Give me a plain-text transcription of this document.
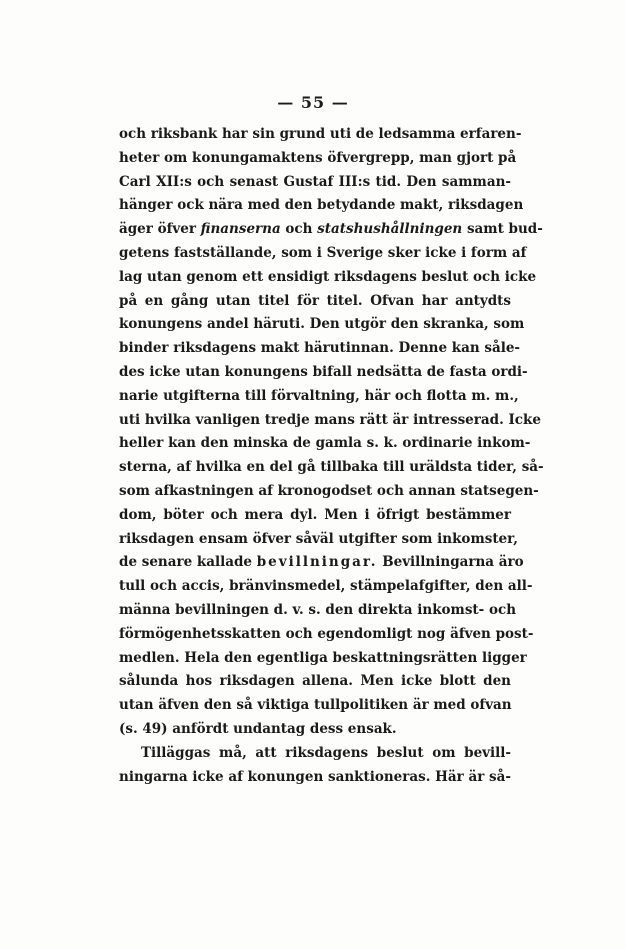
— 55 —
och riksbank har sin grund uti de ledsamma erfaren-
heter om konungamaktens öfvergrepp, man gjort på
Carl XII:s och senast Gustaf III:s tid. Den samman-
hänger ock nära med den betydande makt, riksdagen
äger öfver finanserna och statshushållningen samt bud-
getens fastställande, som i Sverige sker icke i form af
lag utan genom ett ensidigt riksdagens beslut och icke
på en gång utan titel för titel. Ofvan har antydts
konungens andel häruti. Den utgör den skranka, som
binder riksdagens makt härutinnan. Denne kan såle-
des icke utan konungens bifall nedsätta de fasta ordi-
narie utgifterna till förvaltning, här och flotta m. m.,
uti hvilka vanligen tredje mans rätt är intresserad. Icke
heller kan den minska de gamla s. k. ordinarie inkom-
sterna, af hvilka en del gå tillbaka till uräldsta tider, så-
som afkastningen af kronogodset och annan statsegen-
dom, böter och mera dyl. Men i öfrigt bestämmer
riksdagen ensam öfver såväl utgifter som inkomster,
de senare kallade bevillningar. Bevillningarna äro
tull och accis, bränvinsmedel, stämpelafgifter, den all-
männa bevillningen d. v. s. den direkta inkomst- och
förmögenhetsskatten och egendomligt nog äfven post-
medlen. Hela den egentliga beskattningsrätten ligger
sålunda hos riksdagen allena. Men icke blott den
utan äfven den så viktiga tullpolitiken är med ofvan
(s. 49) anfördt undantag dess ensak.
Tilläggas må, att riksdagens beslut om bevill-
ningarna icke af konungen sanktioneras. Här är så-
